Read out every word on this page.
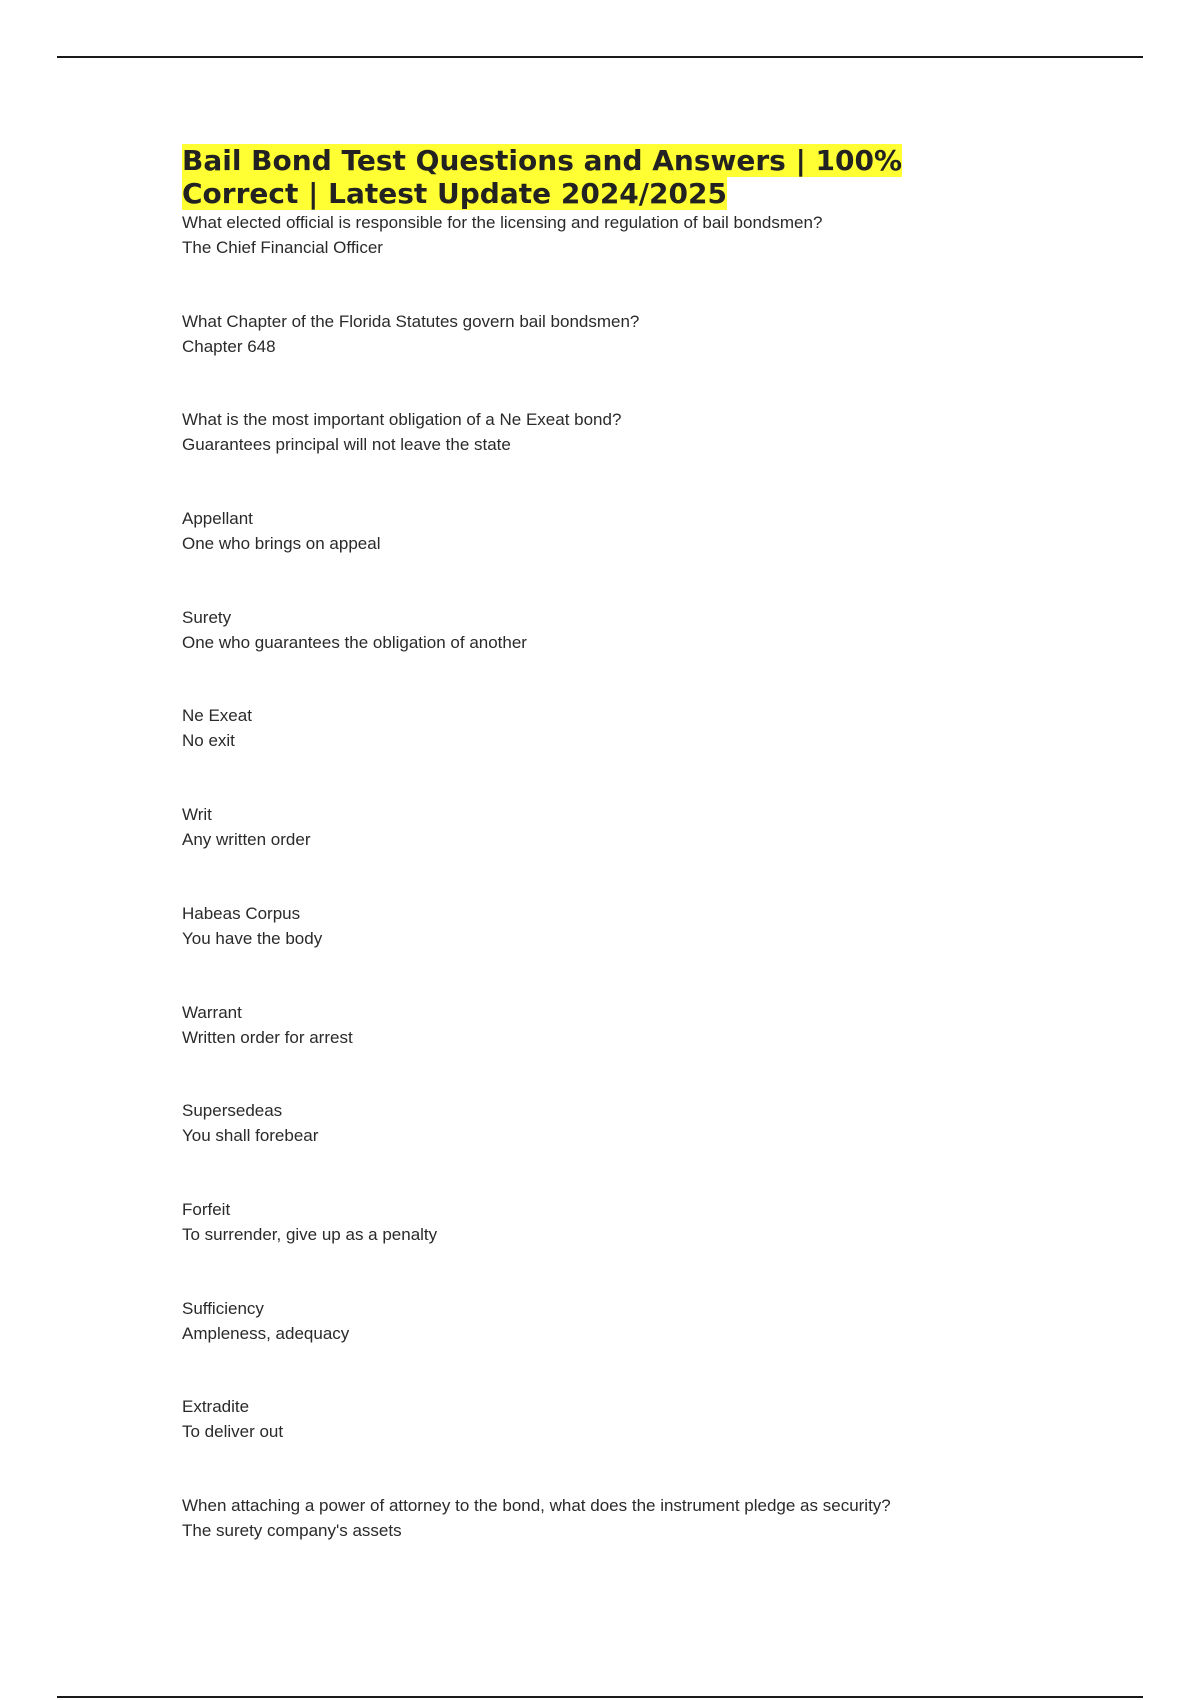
Bail Bond Test Questions and Answers | 100%
Correct | Latest Update 2024/2025
What elected official is responsible for the licensing and regulation of bail bondsmen?
The Chief Financial Officer
What Chapter of the Florida Statutes govern bail bondsmen?
Chapter 648
What is the most important obligation of a Ne Exeat bond?
Guarantees principal will not leave the state
Appellant
One who brings on appeal
Surety
One who guarantees the obligation of another
Ne Exeat
No exit
Writ
Any written order
Habeas Corpus
You have the body
Warrant
Written order for arrest
Supersedeas
You shall forebear
Forfeit
To surrender, give up as a penalty
Sufficiency
Ampleness, adequacy
Extradite
To deliver out
When attaching a power of attorney to the bond, what does the instrument pledge as security?
The surety company's assets
